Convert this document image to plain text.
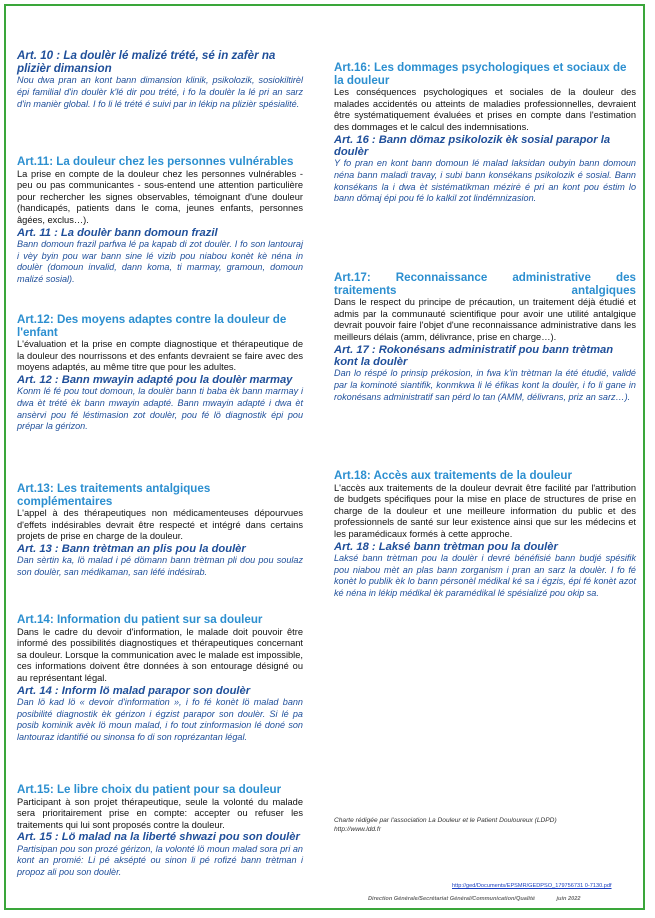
Art. 10 : La doulèr lé malizé trété, sé in zafèr na plizièr dimansion

Nou dwa pran an kont bann dimansion klinik, psikolozik, sosiokiltirèl épi familial d'in doulèr k'lé dir pou trété, i fo la doulèr la lé pri an sarz d'in manièr global. I fo li lé trété é suivi par in lékip na plizièr spésialité.

Art.11: La douleur chez les personnes vulnérables

La prise en compte de la douleur chez les personnes vulnérables - peu ou pas communicantes - sous-entend une attention particulière pour rechercher les signes observables, témoignant d'une douleur (handicapés, patients dans le coma, jeunes enfants, personnes âgées, exclus…).

Art. 11 : La doulèr bann domoun frazil

Bann domoun frazil parfwa lé pa kapab di zot doulèr. I fo son lantouraj i vèy byin pou war bann sine lé vizib pou niabou konèt kè néna in doulèr (domoun invalid, dann koma, ti marmay, gramoun, domoun malizé sosial).

Art.12: Des moyens adaptes contre la douleur de l'enfant

L'évaluation et la prise en compte diagnostique et thérapeutique de la douleur des nourrissons et des enfants devraient se faire avec des moyens adaptés, au même titre que pour les adultes.

Art. 12 : Bann mwayin adapté pou la doulèr marmay

Konm lé fé pou tout domoun, la doulèr bann ti baba èk bann marmay i dwa èt trété èk bann mwayin adapté. Bann mwayin adapté i dwa èt ansèrvi pou fé léstimasion zot doulèr, pou fé lö diagnostik épi pou prépar la gérizon.

Art.13: Les traitements antalgiques complémentaires

L'appel à des thérapeutiques non médicamenteuses dépourvues d'effets indésirables devrait être respecté et intégré dans certains projets de prise en charge de la douleur.

Art. 13 : Bann trètman an plis pou la doulèr

Dan sèrtin ka, lö malad i pé dömann bann trètman pli dou pou soulaz son doulèr, san médikaman, san léfé indésirab.

Art.14: Information du patient sur sa douleur

Dans le cadre du devoir d'information, le malade doit pouvoir être informé des possibilités diagnostiques et thérapeutiques concernant sa douleur. Lorsque la communication avec le malade est impossible, ces informations doivent être données à son entourage désigné ou au représentant légal.

Art. 14 : Inform lö malad parapor son doulèr

Dan lö kad lö « devoir d'information », i fo fé konèt lö malad bann posibilité diagnostik èk gérizon i égzist parapor son doulèr. Si lé pa posib kominik avèk lö moun malad, i fo tout zinformasion lé doné son lantouraz idantifié ou sinonsa fo di son roprézantan légal.

Art.15: Le libre choix du patient pour sa douleur

Participant à son projet thérapeutique, seule la volonté du malade sera prioritairement prise en compte: accepter ou refuser les traitements qui lui sont proposés contre la douleur.

Art. 15 : Lö malad na la liberté shwazi pou son doulèr

Partisipan pou son prozé gérizon, la volonté lö moun malad sora pri an kont an promié: Li pé aksépté ou sinon li pé rofizé bann trètman i propoz ali pou son doulèr.

Art.16: Les dommages psychologiques et sociaux de la douleur

Les conséquences psychologiques et sociales de la douleur des malades accidentés ou atteints de maladies professionnelles, devraient être systématiquement évaluées et prises en compte dans l'estimation des dommages et le calcul des indemnisations.

Art. 16 : Bann dömaz psikolozik èk sosial parapor la doulèr

Y fo pran en kont bann domoun lé malad laksidan oubyin bann domoun néna bann maladi travay, i subi bann konsékans psikolozik é sosial. Bann konsékans la i dwa èt sistématikman mézirė é pri an kont pou éstim lo bann dömaj épi pou fé lo kalkil zot lindémnizasion.

Art.17: Reconnaissance administrative des traitements antalgiques

Dans le respect du principe de précaution, un traitement déjà étudié et admis par la communauté scientifique pour avoir une utilité antalgique devrait pouvoir faire l'objet d'une reconnaissance administrative dans les meilleurs délais (amm, délivrance, prise en charge…).

Art. 17 : Rokonésans administratif pou bann trètman kont la doulèr

Dan lo réspé lo prinsip prékosion, in fwa k'in trètman la été étudié, validé par la kominoté siantifik, konmkwa li lé éfikas kont la doulèr, i fo li gane in rokonésans administratif san pérd lo tan (AMM, délivrans, priz an sarz…).

Art.18: Accès aux traitements de la douleur

L'accès aux traitements de la douleur devrait être facilité par l'attribution de budgets spécifiques pour la mise en place de structures de prise en charge de la douleur et une meilleure information du public et des professionnels de santé sur leur existence ainsi que sur les médecins et les paramédicaux formés à cette approche.

Art. 18 : Laksé bann trètman pou la doulèr

Laksé bann trètman pou la doulèr i devré bénéfisié bann budjé spésifik pou niabou mèt an plas bann zorganism i pran an sarz la doulèr. I fo fé konèt lo publik èk lo bann pérsonèl médikal ké sa i égzis, épi fé konèt azot ké néna in lékip médikal èk paramédikal lé spésializé pou okip sa.

Charte rédigée par l'association La Douleur et le Patient Douloureux (LDPD)
http://www.ldd.fr
http://ged/Documents/EPSMR/GEDPSO_179756731 0-7130.pdf
Direction Générale/Secrétariat Général/Communication/Qualité	juin 2022
